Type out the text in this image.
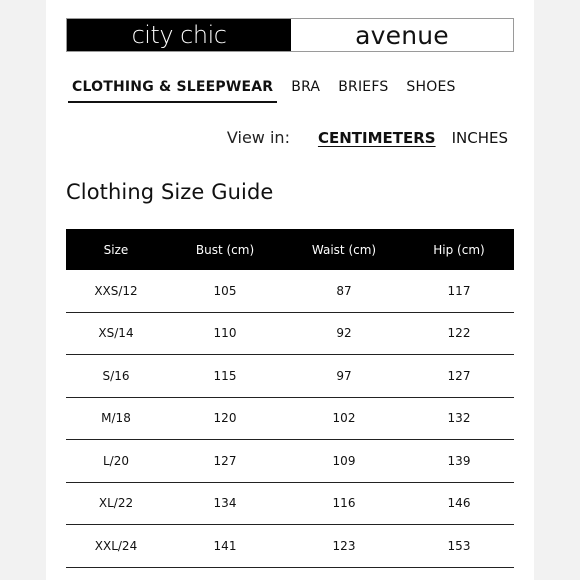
city chic	avenue
CLOTHING & SLEEPWEAR BRA BRIEFS SHOES
View in: CENTIMETERS INCHES
Clothing Size Guide
Size	Bust (cm)	Waist (cm)	Hip (cm)
XXS/12	105	87	117
XS/14	110	92	122
S/16	115	97	127
M/18	120	102	132
L/20	127	109	139
XL/22	134	116	146
XXL/24	141	123	153
